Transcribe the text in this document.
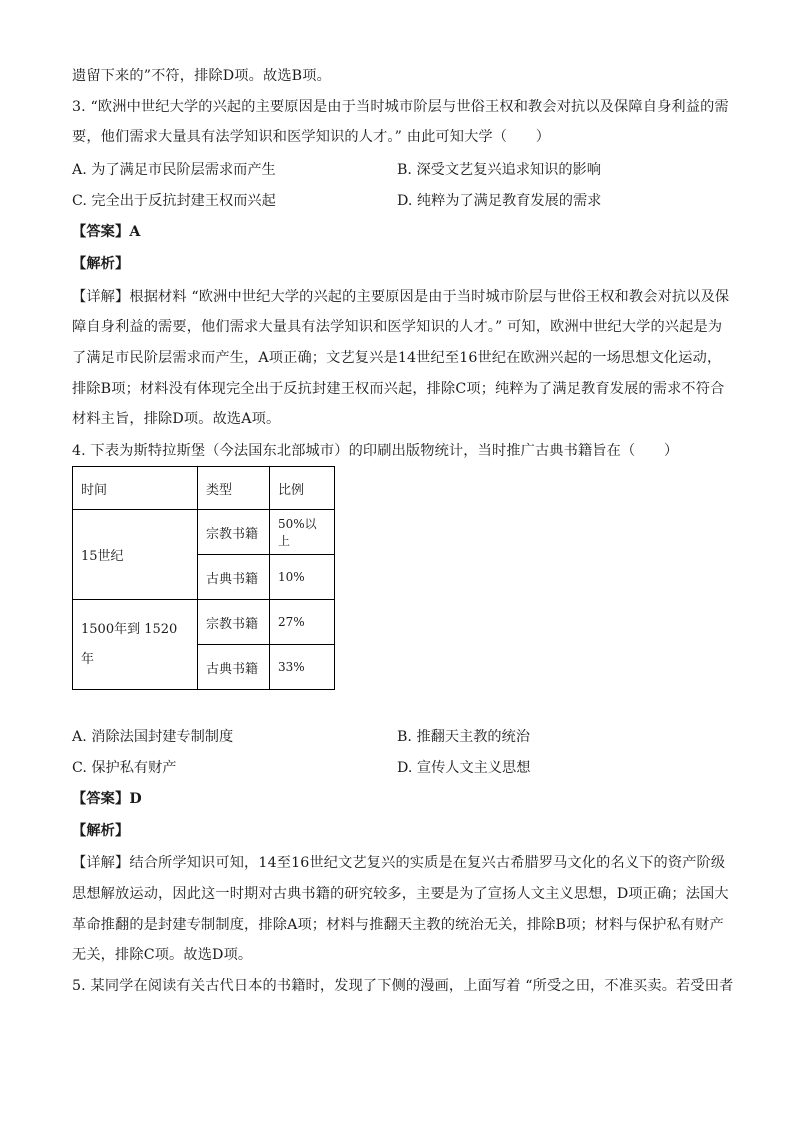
遗留下来的”不符，排除D项。故选B项。
3. “欧洲中世纪大学的兴起的主要原因是由于当时城市阶层与世俗王权和教会对抗以及保障自身利益的需
要，他们需求大量具有法学知识和医学知识的人才。” 由此可知大学（　　）
A. 为了满足市民阶层需求而产生	B. 深受文艺复兴追求知识的影响
C. 完全出于反抗封建王权而兴起	D. 纯粹为了满足教育发展的需求
【答案】A
【解析】
【详解】根据材料 “欧洲中世纪大学的兴起的主要原因是由于当时城市阶层与世俗王权和教会对抗以及保
障自身利益的需要，他们需求大量具有法学知识和医学知识的人才。” 可知，欧洲中世纪大学的兴起是为
了满足市民阶层需求而产生，A项正确；文艺复兴是14世纪至16世纪在欧洲兴起的一场思想文化运动，
排除B项；材料没有体现完全出于反抗封建王权而兴起，排除C项；纯粹为了满足教育发展的需求不符合
材料主旨，排除D项。故选A项。
4. 下表为斯特拉斯堡（今法国东北部城市）的印刷出版物统计，当时推广古典书籍旨在（　　）
时间	类型	比例
15世纪	宗教书籍	50%以上
	古典书籍	10%
1500年到 1520
年	宗教书籍	27%
	古典书籍	33%
A. 消除法国封建专制制度	B. 推翻天主教的统治
C. 保护私有财产	D. 宣传人文主义思想
【答案】D
【解析】
【详解】结合所学知识可知，14至16世纪文艺复兴的实质是在复兴古希腊罗马文化的名义下的资产阶级
思想解放运动，因此这一时期对古典书籍的研究较多，主要是为了宣扬人文主义思想，D项正确；法国大
革命推翻的是封建专制制度，排除A项；材料与推翻天主教的统治无关，排除B项；材料与保护私有财产
无关，排除C项。故选D项。
5. 某同学在阅读有关古代日本的书籍时，发现了下侧的漫画，上面写着 “所受之田，不准买卖。若受田者
